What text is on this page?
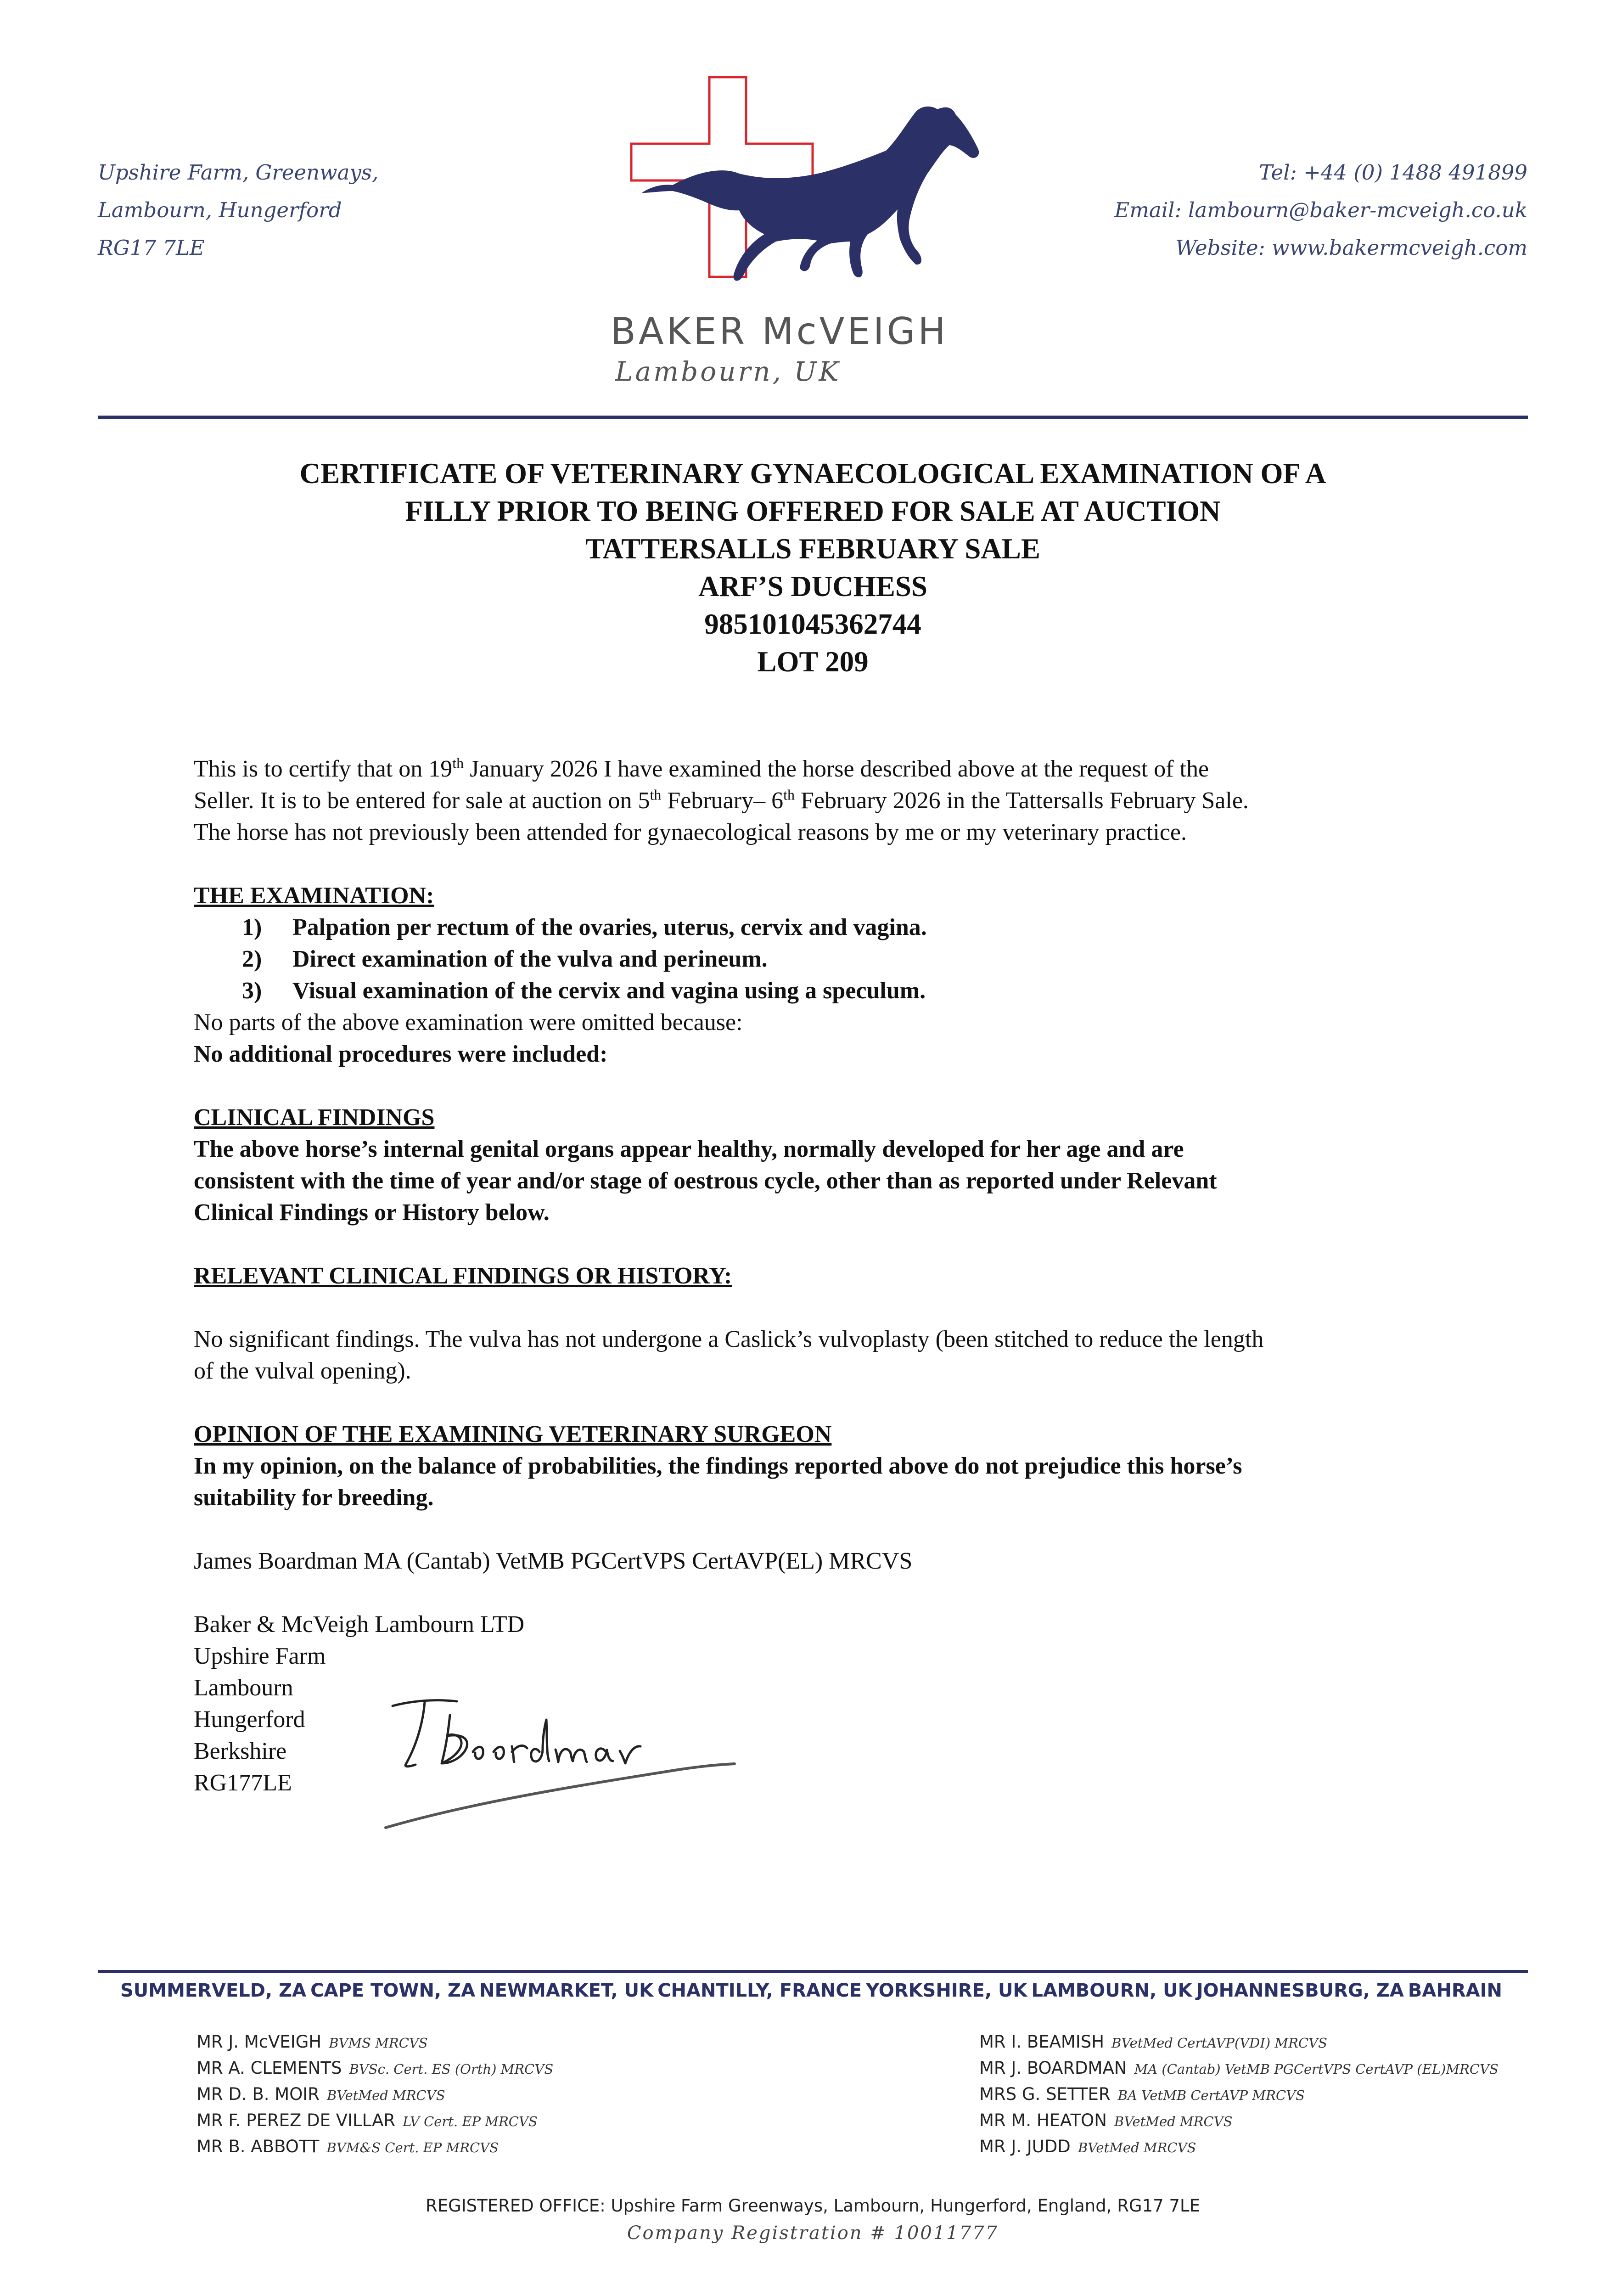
Upshire Farm, Greenways,
Lambourn, Hungerford
RG17 7LE
Tel: +44 (0) 1488 491899
Email: lambourn@baker-mcveigh.co.uk
Website: www.bakermcveigh.com
BAKER McVEIGH
Lambourn, UK
CERTIFICATE OF VETERINARY GYNAECOLOGICAL EXAMINATION OF A
FILLY PRIOR TO BEING OFFERED FOR SALE AT AUCTION
TATTERSALLS FEBRUARY SALE
ARF’S DUCHESS
985101045362744
LOT 209

This is to certify that on 19th January 2026 I have examined the horse described above at the request of the

Seller. It is to be entered for sale at auction on 5th February– 6th February 2026 in the Tattersalls February Sale.

The horse has not previously been attended for gynaecological reasons by me or my veterinary practice.

THE EXAMINATION:

1) Palpation per rectum of the ovaries, uterus, cervix and vagina.
2) Direct examination of the vulva and perineum.
3) Visual examination of the cervix and vagina using a speculum.

No parts of the above examination were omitted because:

No additional procedures were included:

CLINICAL FINDINGS

The above horse’s internal genital organs appear healthy, normally developed for her age and are

consistent with the time of year and/or stage of oestrous cycle, other than as reported under Relevant

Clinical Findings or History below.

RELEVANT CLINICAL FINDINGS OR HISTORY:

No significant findings. The vulva has not undergone a Caslick’s vulvoplasty (been stitched to reduce the length

of the vulval opening).

OPINION OF THE EXAMINING VETERINARY SURGEON

In my opinion, on the balance of probabilities, the findings reported above do not prejudice this horse’s

suitability for breeding.

James Boardman MA (Cantab) VetMB PGCertVPS CertAVP(EL) MRCVS

Baker & McVeigh Lambourn LTD

Upshire Farm

Lambourn

Hungerford

Berkshire

RG177LE

SUMMERVELD, ZA CAPE TOWN, ZA NEWMARKET, UK CHANTILLY, FRANCE YORKSHIRE, UK LAMBOURN, UK JOHANNESBURG, ZA BAHRAIN
MR J. McVEIGH BVMS MRCVS
MR A. CLEMENTS BVSc. Cert. ES (Orth) MRCVS
MR D. B. MOIR BVetMed MRCVS
MR F. PEREZ DE VILLAR LV Cert. EP MRCVS
MR B. ABBOTT BVM&S Cert. EP MRCVS
MR I. BEAMISH BVetMed CertAVP(VDI) MRCVS
MR J. BOARDMAN MA (Cantab) VetMB PGCertVPS CertAVP (EL)MRCVS
MRS G. SETTER BA VetMB CertAVP MRCVS
MR M. HEATON BVetMed MRCVS
MR J. JUDD BVetMed MRCVS
REGISTERED OFFICE: Upshire Farm Greenways, Lambourn, Hungerford, England, RG17 7LE
Company Registration # 10011777
